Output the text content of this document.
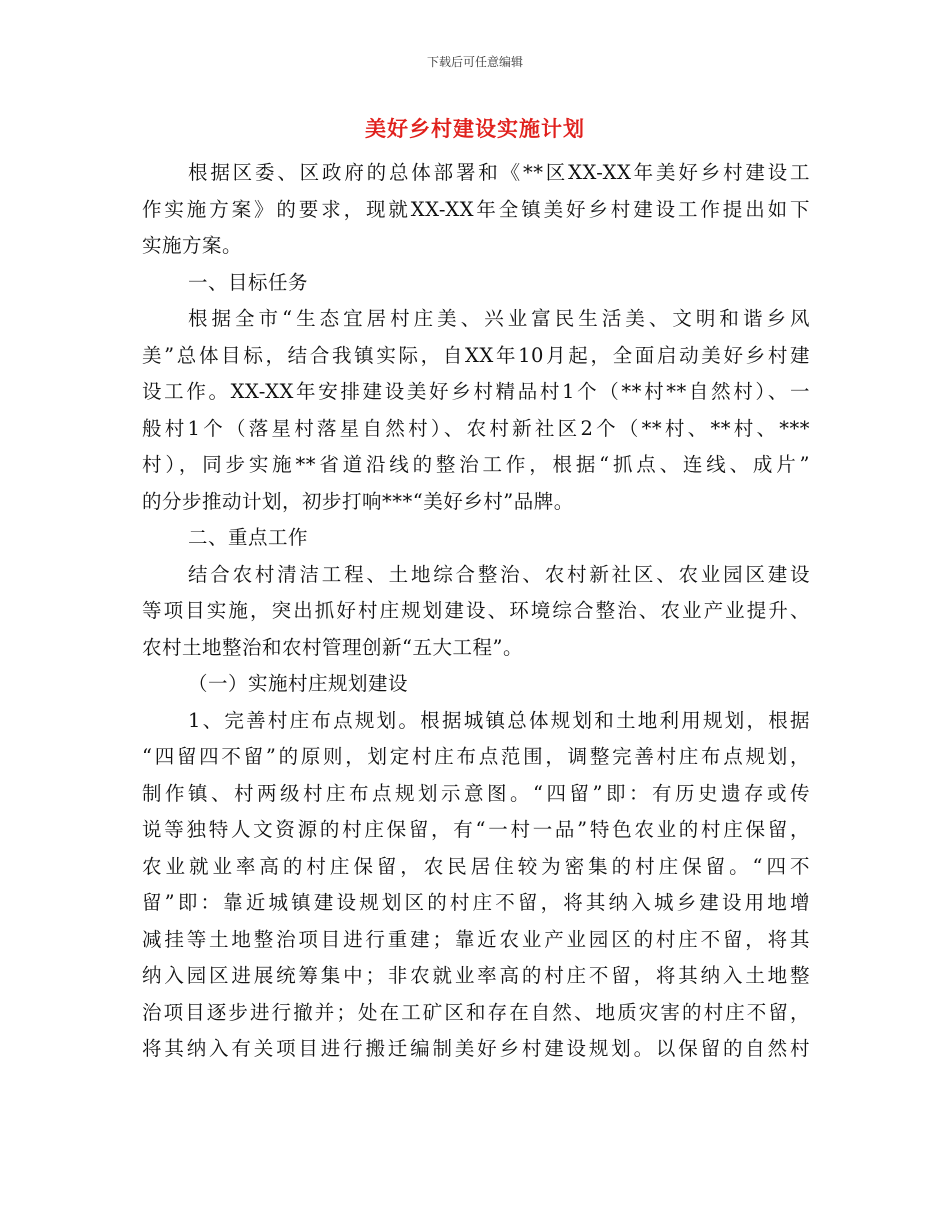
下载后可任意编辑
美好乡村建设实施计划
根据区委、区政府的总体部署和《**区XX-XX年美好乡村建设工
作实施方案》的要求，现就XX-XX年全镇美好乡村建设工作提出如下
实施方案。
一、目标任务
根据全市“生态宜居村庄美、兴业富民生活美、文明和谐乡风
美”总体目标，结合我镇实际，自XX年10月起，全面启动美好乡村建
设工作。XX-XX年安排建设美好乡村精品村1个（**村**自然村）、一
般村1个（落星村落星自然村）、农村新社区2个（**村、**村、***
村），同步实施**省道沿线的整治工作，根据“抓点、连线、成片”
的分步推动计划，初步打响***“美好乡村”品牌。
二、重点工作
结合农村清洁工程、土地综合整治、农村新社区、农业园区建设
等项目实施，突出抓好村庄规划建设、环境综合整治、农业产业提升、
农村土地整治和农村管理创新“五大工程”。
（一）实施村庄规划建设
1、完善村庄布点规划。根据城镇总体规划和土地利用规划，根据
“四留四不留”的原则，划定村庄布点范围，调整完善村庄布点规划，
制作镇、村两级村庄布点规划示意图。“四留”即：有历史遗存或传
说等独特人文资源的村庄保留，有“一村一品”特色农业的村庄保留，
农业就业率高的村庄保留，农民居住较为密集的村庄保留。“四不
留”即：靠近城镇建设规划区的村庄不留，将其纳入城乡建设用地增
减挂等土地整治项目进行重建；靠近农业产业园区的村庄不留，将其
纳入园区进展统筹集中；非农就业率高的村庄不留，将其纳入土地整
治项目逐步进行撤并；处在工矿区和存在自然、地质灾害的村庄不留，
将其纳入有关项目进行搬迁编制美好乡村建设规划。以保留的自然村
